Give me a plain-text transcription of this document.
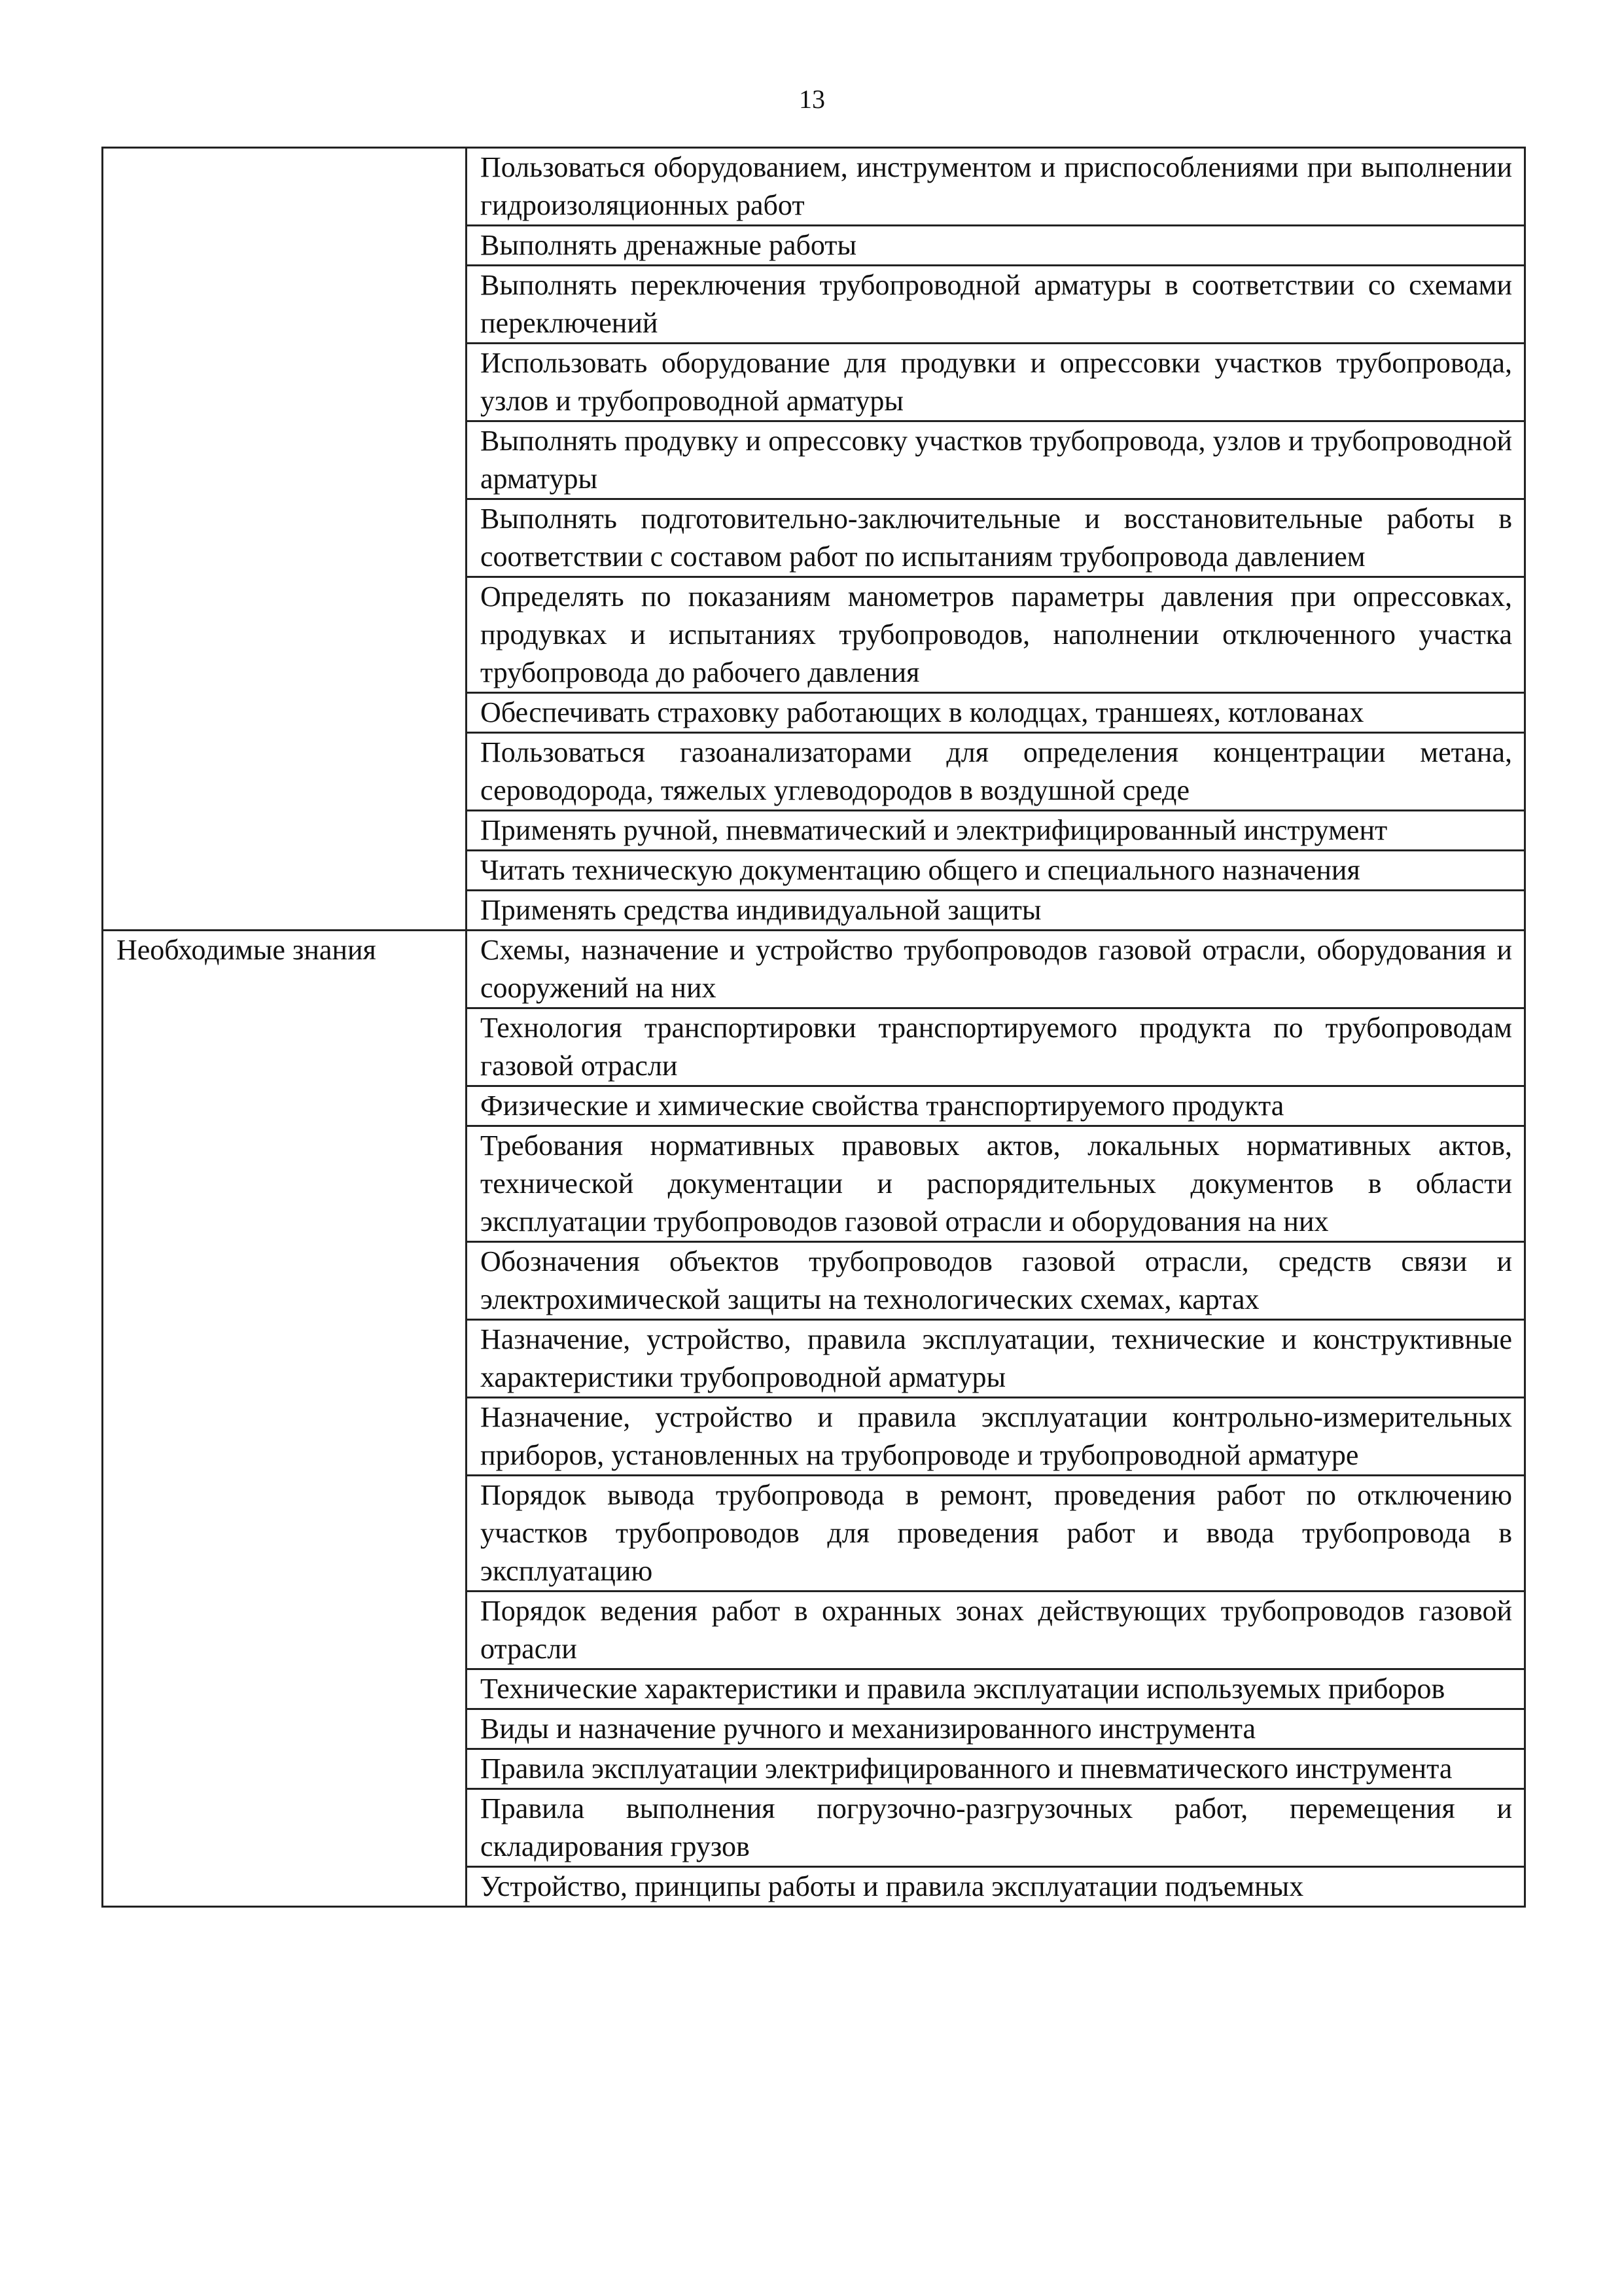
13
	Пользоваться оборудованием, инструментом и приспособлениями при выполнении гидроизоляционных работ
	Выполнять дренажные работы
	Выполнять переключения трубопроводной арматуры в соответствии со схемами переключений
	Использовать оборудование для продувки и опрессовки участков трубопровода, узлов и трубопроводной арматуры
	Выполнять продувку и опрессовку участков трубопровода, узлов и трубопроводной арматуры
	Выполнять подготовительно-заключительные и восстановительные работы в соответствии с составом работ по испытаниям трубопровода давлением
	Определять по показаниям манометров параметры давления при опрессовках, продувках и испытаниях трубопроводов, наполнении отключенного участка трубопровода до рабочего давления
	Обеспечивать страховку работающих в колодцах, траншеях, котлованах
	Пользоваться газоанализаторами для определения концентрации метана, сероводорода, тяжелых углеводородов в воздушной среде
	Применять ручной, пневматический и электрифицированный инструмент
	Читать техническую документацию общего и специального назначения
	Применять средства индивидуальной защиты
Необходимые знания	Схемы, назначение и устройство трубопроводов газовой отрасли, оборудования и сооружений на них
	Технология транспортировки транспортируемого продукта по трубопроводам газовой отрасли
	Физические и химические свойства транспортируемого продукта
	Требования нормативных правовых актов, локальных нормативных актов, технической документации и распорядительных документов в области эксплуатации трубопроводов газовой отрасли и оборудования на них
	Обозначения объектов трубопроводов газовой отрасли, средств связи и электрохимической защиты на технологических схемах, картах
	Назначение, устройство, правила эксплуатации, технические и конструктивные характеристики трубопроводной арматуры
	Назначение, устройство и правила эксплуатации контрольно-измерительных приборов, установленных на трубопроводе и трубопроводной арматуре
	Порядок вывода трубопровода в ремонт, проведения работ по отключению участков трубопроводов для проведения работ и ввода трубопровода в эксплуатацию
	Порядок ведения работ в охранных зонах действующих трубопроводов газовой отрасли
	Технические характеристики и правила эксплуатации используемых приборов
	Виды и назначение ручного и механизированного инструмента
	Правила эксплуатации электрифицированного и пневматического инструмента
	Правила выполнения погрузочно-разгрузочных работ, перемещения и складирования грузов
	Устройство, принципы работы и правила эксплуатации подъемных
